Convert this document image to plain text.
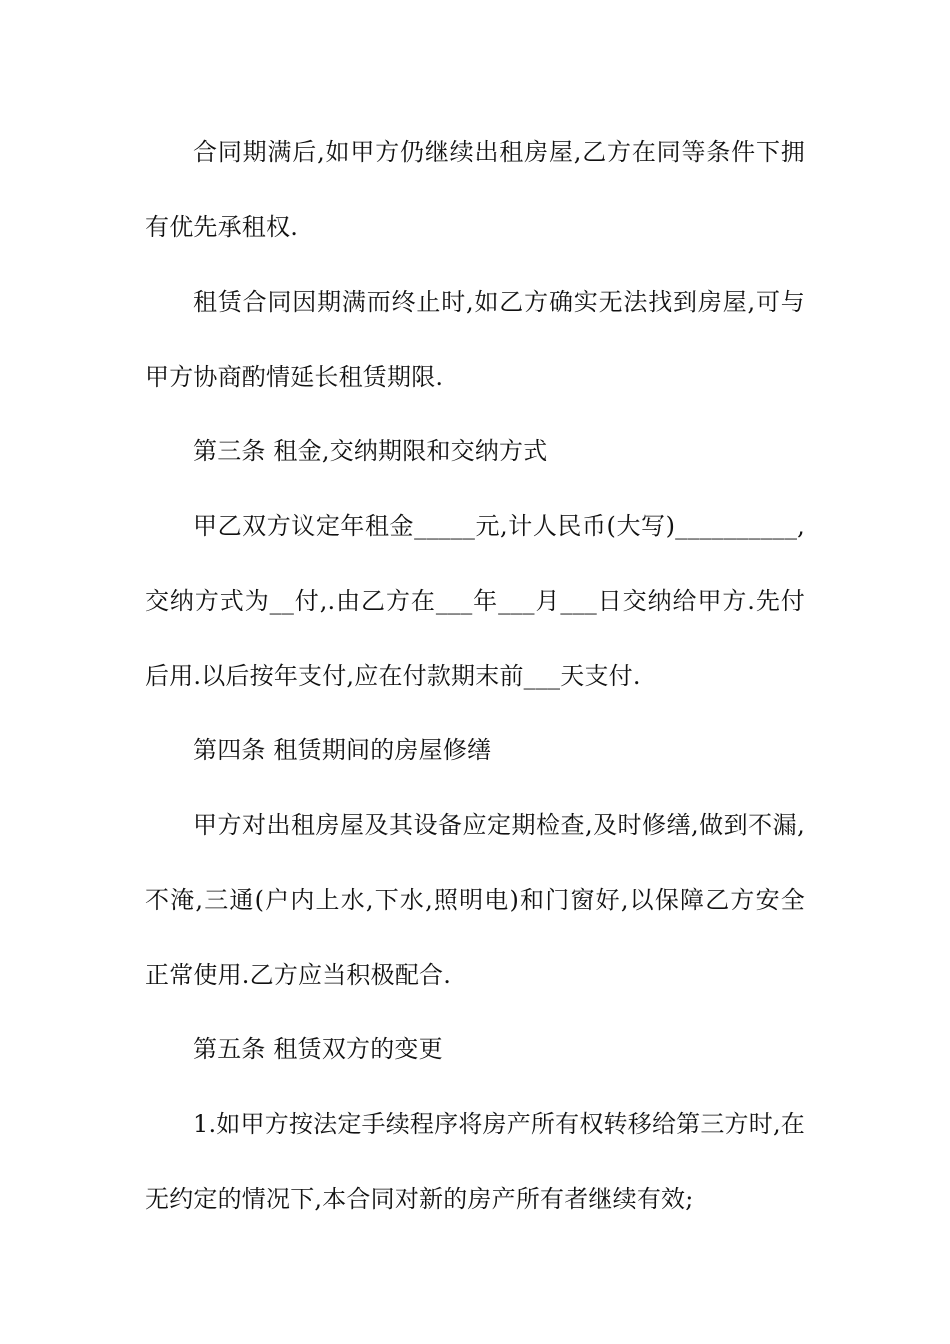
合同期满后,如甲方仍继续出租房屋,乙方在同等条件下拥
有优先承租权.
租赁合同因期满而终止时,如乙方确实无法找到房屋,可与
甲方协商酌情延长租赁期限.
第三条 租金,交纳期限和交纳方式
甲乙双方议定年租金_____元,计人民币(大写)__________,
交纳方式为__付,.由乙方在___年___月___日交纳给甲方.先付
后用.以后按年支付,应在付款期末前___天支付.
第四条 租赁期间的房屋修缮
甲方对出租房屋及其设备应定期检查,及时修缮,做到不漏,
不淹,三通(户内上水,下水,照明电)和门窗好,以保障乙方安全
正常使用.乙方应当积极配合.
第五条 租赁双方的变更
1.如甲方按法定手续程序将房产所有权转移给第三方时,在
无约定的情况下,本合同对新的房产所有者继续有效;
